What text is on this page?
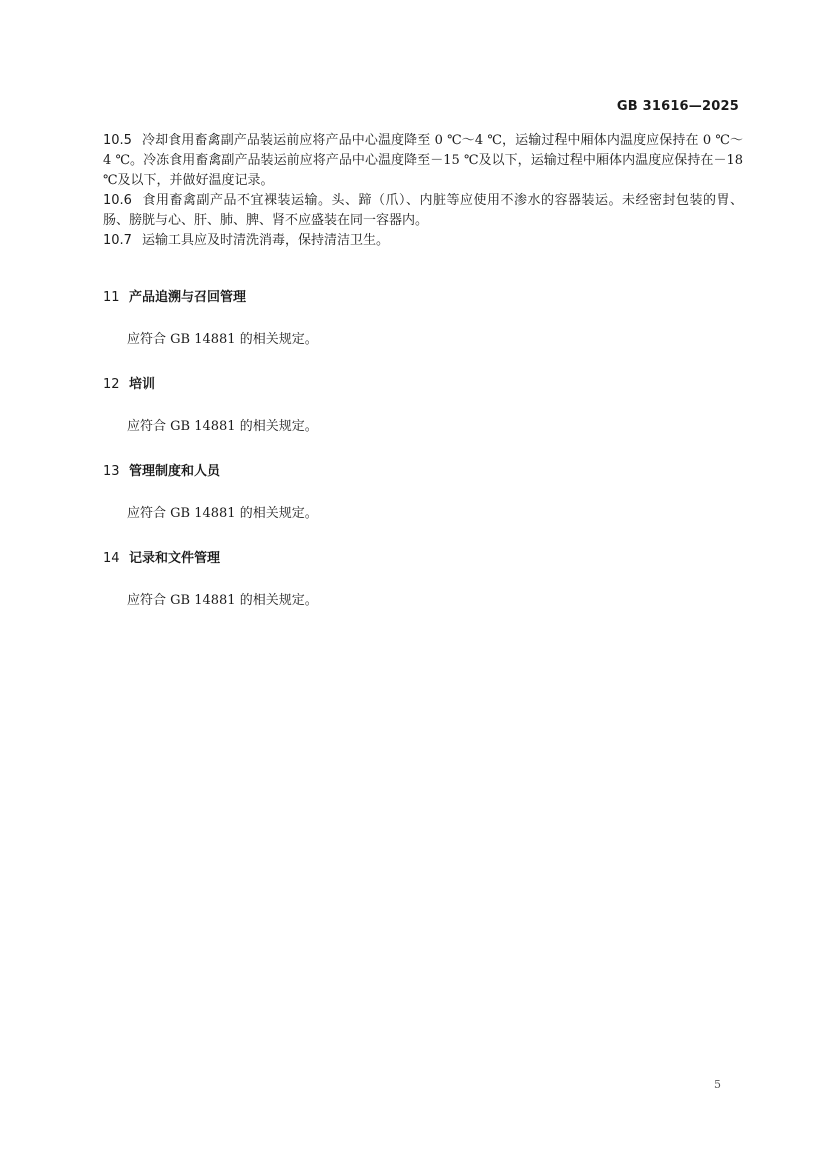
GB 31616—2025

10.5 冷却食用畜禽副产品装运前应将产品中心温度降至 0 ℃～4 ℃，运输过程中厢体内温度应保持在 0 ℃～4 ℃。冷冻食用畜禽副产品装运前应将产品中心温度降至－15 ℃及以下，运输过程中厢体内温度应保持在－18 ℃及以下，并做好温度记录。

10.6 食用畜禽副产品不宜裸装运输。头、蹄（爪）、内脏等应使用不渗水的容器装运。未经密封包装的胃、肠、膀胱与心、肝、肺、脾、肾不应盛装在同一容器内。

10.7 运输工具应及时清洗消毒，保持清洁卫生。

11 产品追溯与召回管理

应符合 GB 14881 的相关规定。

12 培训

应符合 GB 14881 的相关规定。

13 管理制度和人员

应符合 GB 14881 的相关规定。

14 记录和文件管理

应符合 GB 14881 的相关规定。

5
